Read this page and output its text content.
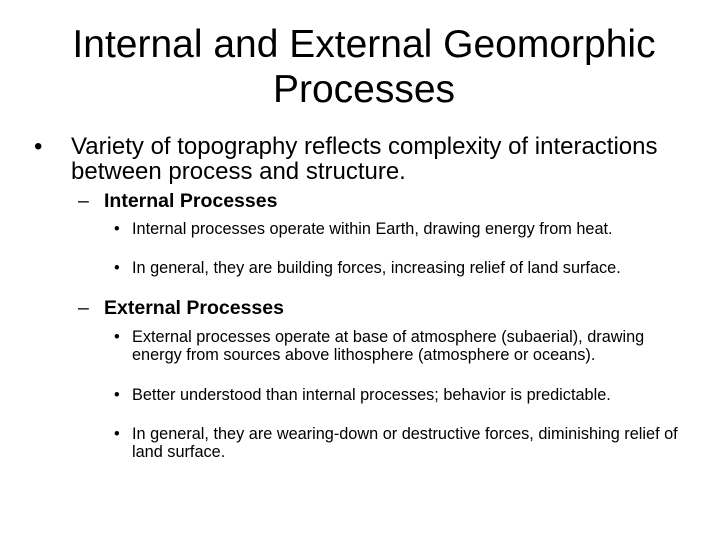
Internal and External Geomorphic Processes
• Variety of topography reflects complexity of interactions between process and structure.
– Internal Processes
• Internal processes operate within Earth, drawing energy from heat.
• In general, they are building forces, increasing relief of land surface.
– External Processes
• External processes operate at base of atmosphere (subaerial), drawing energy from sources above lithosphere (atmosphere or oceans).
• Better understood than internal processes; behavior is predictable.
• In general, they are wearing-down or destructive forces, diminishing relief of land surface.
